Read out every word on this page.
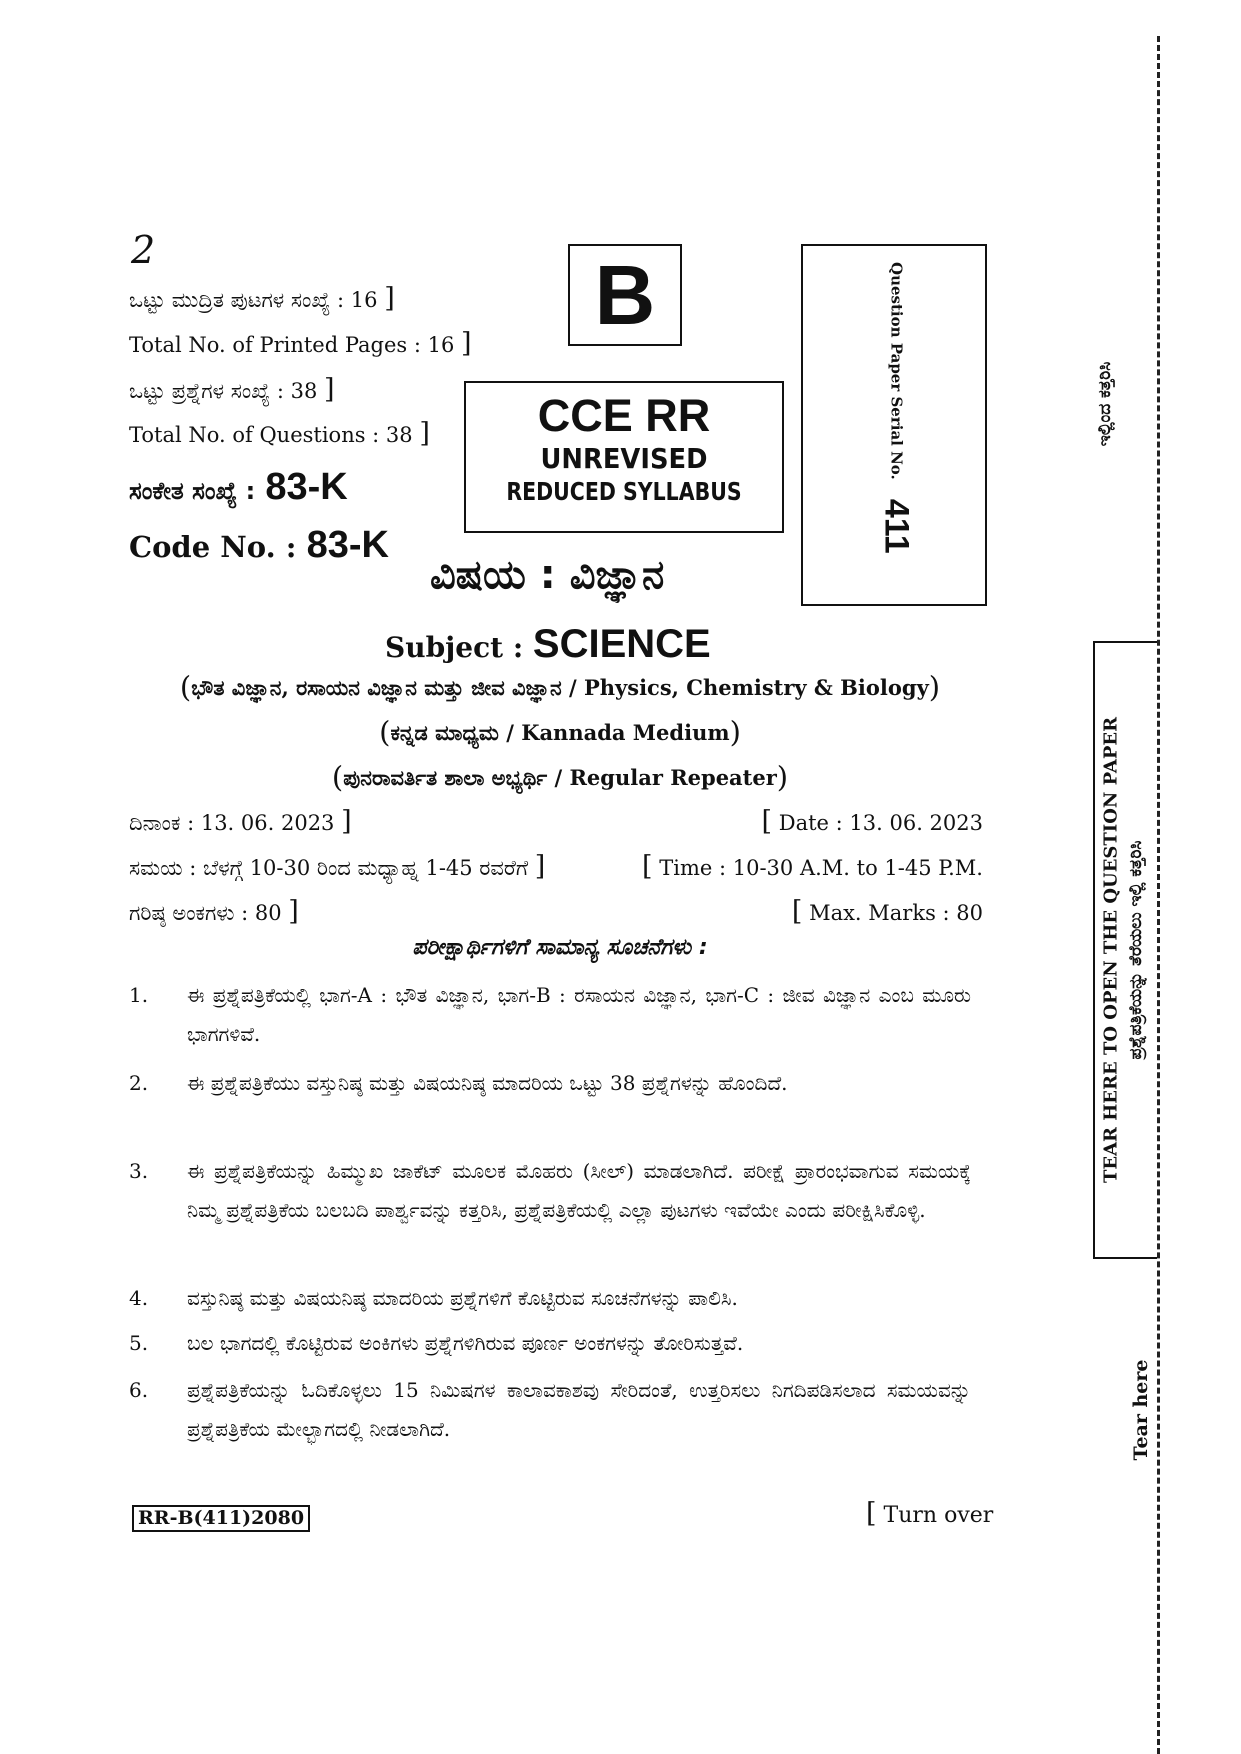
2
ಒಟ್ಟು ಮುದ್ರಿತ ಪುಟಗಳ ಸಂಖ್ಯೆ : 16 ]
Total No. of Printed Pages : 16 ]
ಒಟ್ಟು ಪ್ರಶ್ನೆಗಳ ಸಂಖ್ಯೆ : 38 ]
Total No. of Questions : 38 ]
ಸಂಕೇತ ಸಂಖ್ಯೆ : 83-K
Code No. : 83-K
B
CCE RR
UNREVISED
REDUCED SYLLABUS
Question Paper Serial No. 411
ವಿಷಯ : ವಿಜ್ಞಾನ
Subject : SCIENCE
(ಭೌತ ವಿಜ್ಞಾನ, ರಸಾಯನ ವಿಜ್ಞಾನ ಮತ್ತು ಜೀವ ವಿಜ್ಞಾನ / Physics, Chemistry & Biology)
(ಕನ್ನಡ ಮಾಧ್ಯಮ / Kannada Medium)
(ಪುನರಾವರ್ತಿತ ಶಾಲಾ ಅಭ್ಯರ್ಥಿ / Regular Repeater)
ದಿನಾಂಕ : 13. 06. 2023 ]	[ Date : 13. 06. 2023
ಸಮಯ : ಬೆಳಗ್ಗೆ 10-30 ರಿಂದ ಮಧ್ಯಾಹ್ನ 1-45 ರವರೆಗೆ ]	[ Time : 10-30 A.M. to 1-45 P.M.
ಗರಿಷ್ಠ ಅಂಕಗಳು : 80 ]	[ Max. Marks : 80
ಪರೀಕ್ಷಾರ್ಥಿಗಳಿಗೆ ಸಾಮಾನ್ಯ ಸೂಚನೆಗಳು :
1.	ಈ ಪ್ರಶ್ನೆಪತ್ರಿಕೆಯಲ್ಲಿ ಭಾಗ-A : ಭೌತ ವಿಜ್ಞಾನ, ಭಾಗ-B : ರಸಾಯನ ವಿಜ್ಞಾನ, ಭಾಗ-C : ಜೀವ ವಿಜ್ಞಾನ ಎಂಬ ಮೂರು ಭಾಗಗಳಿವೆ.
2.	ಈ ಪ್ರಶ್ನೆಪತ್ರಿಕೆಯು ವಸ್ತುನಿಷ್ಠ ಮತ್ತು ವಿಷಯನಿಷ್ಠ ಮಾದರಿಯ ಒಟ್ಟು 38 ಪ್ರಶ್ನೆಗಳನ್ನು ಹೊಂದಿದೆ.
3.	ಈ ಪ್ರಶ್ನೆಪತ್ರಿಕೆಯನ್ನು ಹಿಮ್ಮುಖ ಜಾಕೆಟ್ ಮೂಲಕ ಮೊಹರು (ಸೀಲ್) ಮಾಡಲಾಗಿದೆ. ಪರೀಕ್ಷೆ ಪ್ರಾರಂಭವಾಗುವ ಸಮಯಕ್ಕೆ ನಿಮ್ಮ ಪ್ರಶ್ನೆಪತ್ರಿಕೆಯ ಬಲಬದಿ ಪಾರ್ಶ್ವವನ್ನು ಕತ್ತರಿಸಿ, ಪ್ರಶ್ನೆಪತ್ರಿಕೆಯಲ್ಲಿ ಎಲ್ಲಾ ಪುಟಗಳು ಇವೆಯೇ ಎಂದು ಪರೀಕ್ಷಿಸಿಕೊಳ್ಳಿ.
4.	ವಸ್ತುನಿಷ್ಠ ಮತ್ತು ವಿಷಯನಿಷ್ಠ ಮಾದರಿಯ ಪ್ರಶ್ನೆಗಳಿಗೆ ಕೊಟ್ಟಿರುವ ಸೂಚನೆಗಳನ್ನು ಪಾಲಿಸಿ.
5.	ಬಲ ಭಾಗದಲ್ಲಿ ಕೊಟ್ಟಿರುವ ಅಂಕಿಗಳು ಪ್ರಶ್ನೆಗಳಿಗಿರುವ ಪೂರ್ಣ ಅಂಕಗಳನ್ನು ತೋರಿಸುತ್ತವೆ.
6.	ಪ್ರಶ್ನೆಪತ್ರಿಕೆಯನ್ನು ಓದಿಕೊಳ್ಳಲು 15 ನಿಮಿಷಗಳ ಕಾಲಾವಕಾಶವು ಸೇರಿದಂತೆ, ಉತ್ತರಿಸಲು ನಿಗದಿಪಡಿಸಲಾದ ಸಮಯವನ್ನು ಪ್ರಶ್ನೆಪತ್ರಿಕೆಯ ಮೇಲ್ಭಾಗದಲ್ಲಿ ನೀಡಲಾಗಿದೆ.
RR-B(411)2080	[ Turn over
TEAR HERE TO OPEN THE QUESTION PAPER ಪ್ರಶ್ನೆಪತ್ರಿಕೆಯನ್ನು ತೆರೆಯಲು ಇಲ್ಲಿ ಕತ್ತರಿಸಿ
ಇಲ್ಲಿಂದ ಕತ್ತರಿಸಿ
Tear here
